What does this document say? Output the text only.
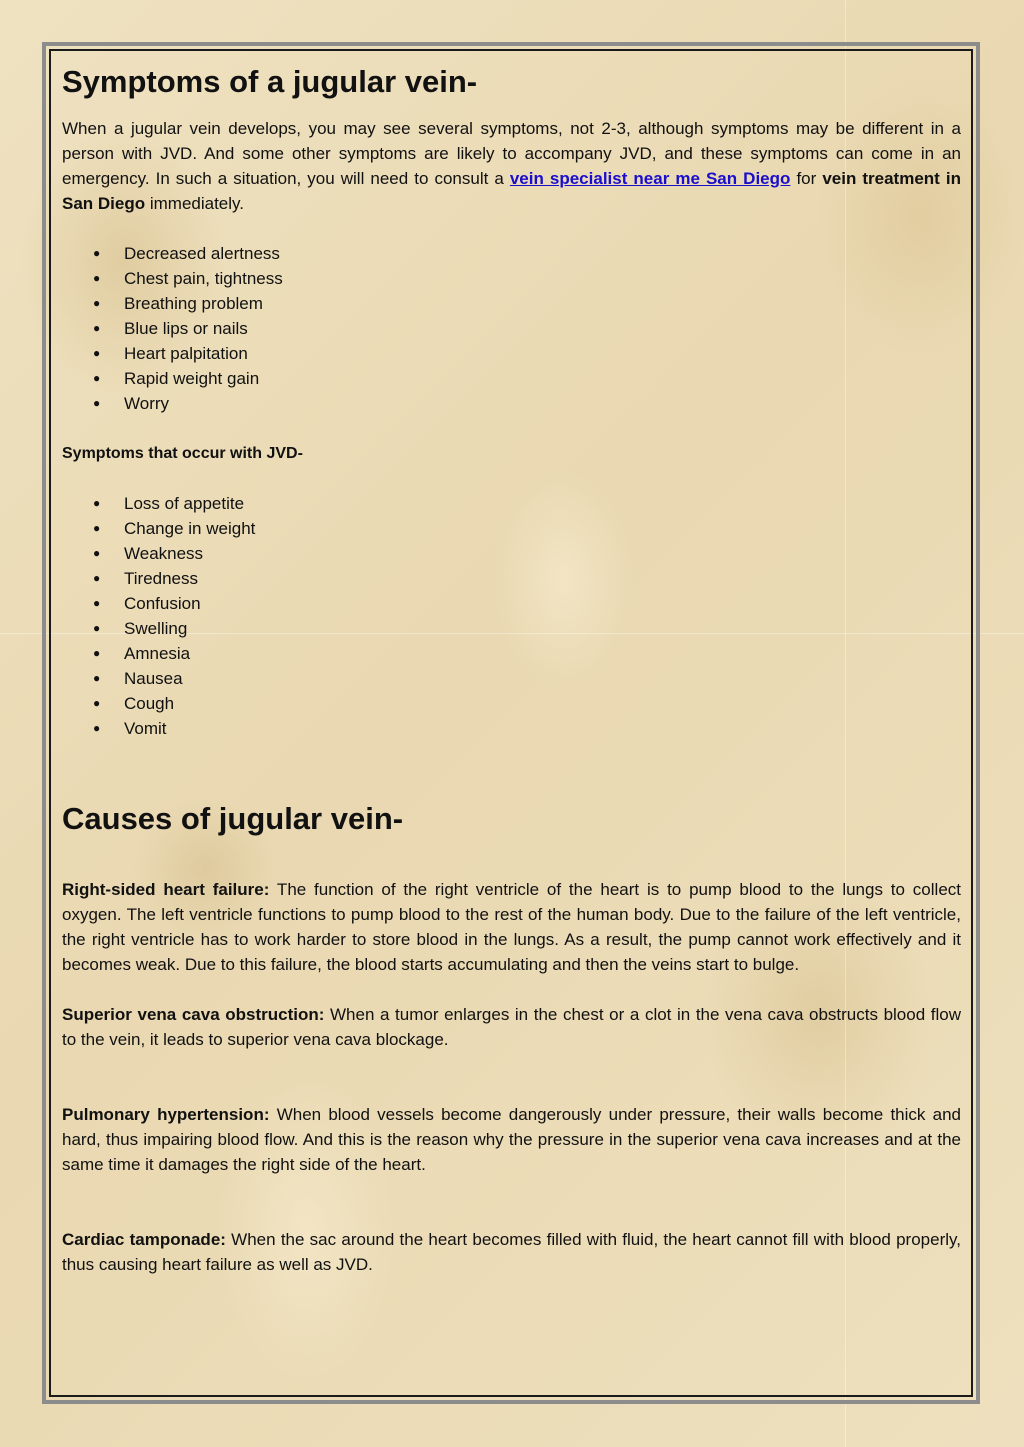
Symptoms of a jugular vein-

When a jugular vein develops, you may see several symptoms, not 2-3, although symptoms may be different in a person with JVD. And some other symptoms are likely to accompany JVD, and these symptoms can come in an emergency. In such a situation, you will need to consult a vein specialist near me San Diego for vein treatment in San Diego immediately.

● Decreased alertness
● Chest pain, tightness
● Breathing problem
● Blue lips or nails
● Heart palpitation
● Rapid weight gain
● Worry
Symptoms that occur with JVD-
● Loss of appetite
● Change in weight
● Weakness
● Tiredness
● Confusion
● Swelling
● Amnesia
● Nausea
● Cough
● Vomit
Causes of jugular vein-

Right-sided heart failure: The function of the right ventricle of the heart is to pump blood to the lungs to collect oxygen. The left ventricle functions to pump blood to the rest of the human body. Due to the failure of the left ventricle, the right ventricle has to work harder to store blood in the lungs. As a result, the pump cannot work effectively and it becomes weak. Due to this failure, the blood starts accumulating and then the veins start to bulge.

Superior vena cava obstruction: When a tumor enlarges in the chest or a clot in the vena cava obstructs blood flow to the vein, it leads to superior vena cava blockage.

Pulmonary hypertension: When blood vessels become dangerously under pressure, their walls become thick and hard, thus impairing blood flow. And this is the reason why the pressure in the superior vena cava increases and at the same time it damages the right side of the heart.

Cardiac tamponade: When the sac around the heart becomes filled with fluid, the heart cannot fill with blood properly, thus causing heart failure as well as JVD.
